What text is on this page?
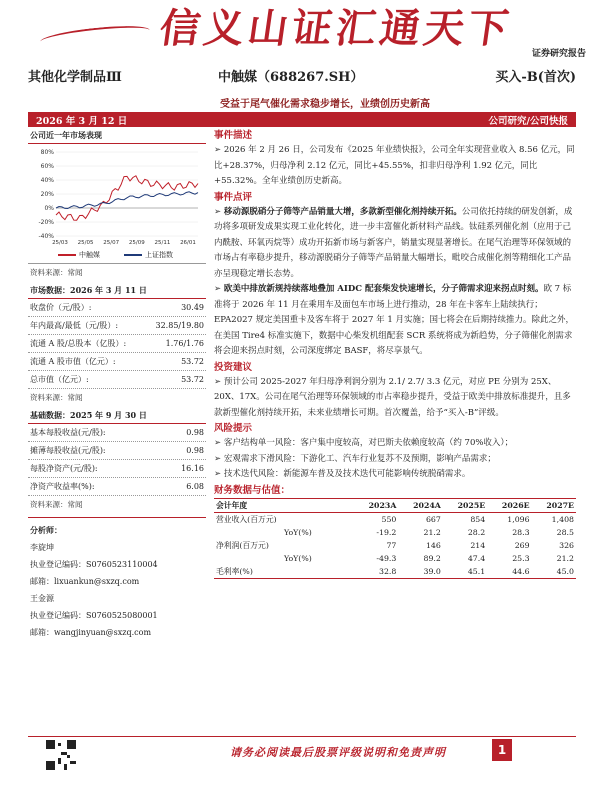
信义山证汇通天下
证券研究报告
其他化学制品Ⅲ	中触媒（688267.SH）	买入-B(首次)
受益于尾气催化需求稳步增长，业绩创历史新高
2026 年 3 月 12 日	公司研究/公司快报
公司近一年市场表现
80%
60%
40%
20%
0%
-20%
-40%
25/03 25/05 25/07 25/09 25/11 26/01
中触媒	上证指数
资料来源：常闻
市场数据：2026 年 3 月 11 日
收盘价（元/股）:	30.49
年内最高/最低（元/股）:	32.85/19.80
流通 A 股/总股本（亿股）:	1.76/1.76
流通 A 股市值（亿元）:	53.72
总市值（亿元）:	53.72
资料来源：常闻
基础数据：2025 年 9 月 30 日
基本每股收益(元/股):	0.98
摊薄每股收益(元/股):	0.98
每股净资产(元/股):	16.16
净资产收益率(%):	6.08
资料来源：常闻
分析师：
李旋坤
执业登记编码：S0760523110004
邮箱：lixuankun@sxzq.com
王金源
执业登记编码：S0760525080001
邮箱：wangjinyuan@sxzq.com
事件描述
➢ 2026 年 2 月 26 日，公司发布《2025 年业绩快报》，公司全年实现营业收入 8.56 亿元，同比+28.37%，归母净利 2.12 亿元，同比+45.55%，扣非归母净利 1.92 亿元，同比+55.32%。全年业绩创历史新高。
事件点评
➢ 移动源脱硝分子筛等产品销量大增，多款新型催化剂持续开拓。公司依托持续的研发创新，成功将多项研发成果实现工业化转化，进一步丰富催化新材料产品线。钛硅系列催化剂（应用于己内酰胺、环氧丙烷等）成功开拓新市场与新客户，销量实现显著增长。在尾气治理等环保领域的市场占有率稳步提升，移动源脱硝分子筛等产品销量大幅增长，毗咬合成催化剂等精细化工产品亦呈现稳定增长态势。
➢ 欧美中排放新规持续落地叠加 AIDC 配套柴发快速增长，分子筛需求迎来拐点时刻。欧 7 标准将于 2026 年 11 月在乘用车及面包车市场上进行推动，28 年在卡客车上陆续执行；EPA2027 规定美国重卡及客车将于 2027 年 1 月实施；国七将会在后期持续推力。除此之外，在美国 Tire4 标准实施下，数据中心柴发机组配套 SCR 系统将成为新趋势，分子筛催化剂需求将会迎来拐点时刻，公司深度绑定 BASF，将尽享景气。
投资建议
➢ 预计公司 2025-2027 年归母净利润分别为 2.1/ 2.7/ 3.3 亿元，对应 PE 分别为 25X、20X、17X。公司在尾气治理等环保领域的市占率稳步提升，受益于欧美中排放标准提升，且多款新型催化剂持续开拓，未来业绩增长可期。首次覆盖，给予“买入-B”评级。
风险提示
➢ 客户结构单一风险：客户集中度较高，对巴斯夫依赖度较高（约 70%收入）；
➢ 宏观需求下滑风险：下游化工、汽车行业复苏不及预期，影响产品需求；
➢ 技术迭代风险：新能源车普及及技术迭代可能影响传统脱硝需求。
财务数据与估值：
会计年度	2023A	2024A	2025E	2026E	2027E
营业收入(百万元)	550	667	854	1,096	1,408
YoY(%)	-19.2	21.2	28.2	28.3	28.5
净利润(百万元)	77	146	214	269	326
YoY(%)	-49.3	89.2	47.4	25.3	21.2
毛利率(%)	32.8	39.0	45.1	44.6	45.0
请务必阅读最后股票评级说明和免责声明	1
